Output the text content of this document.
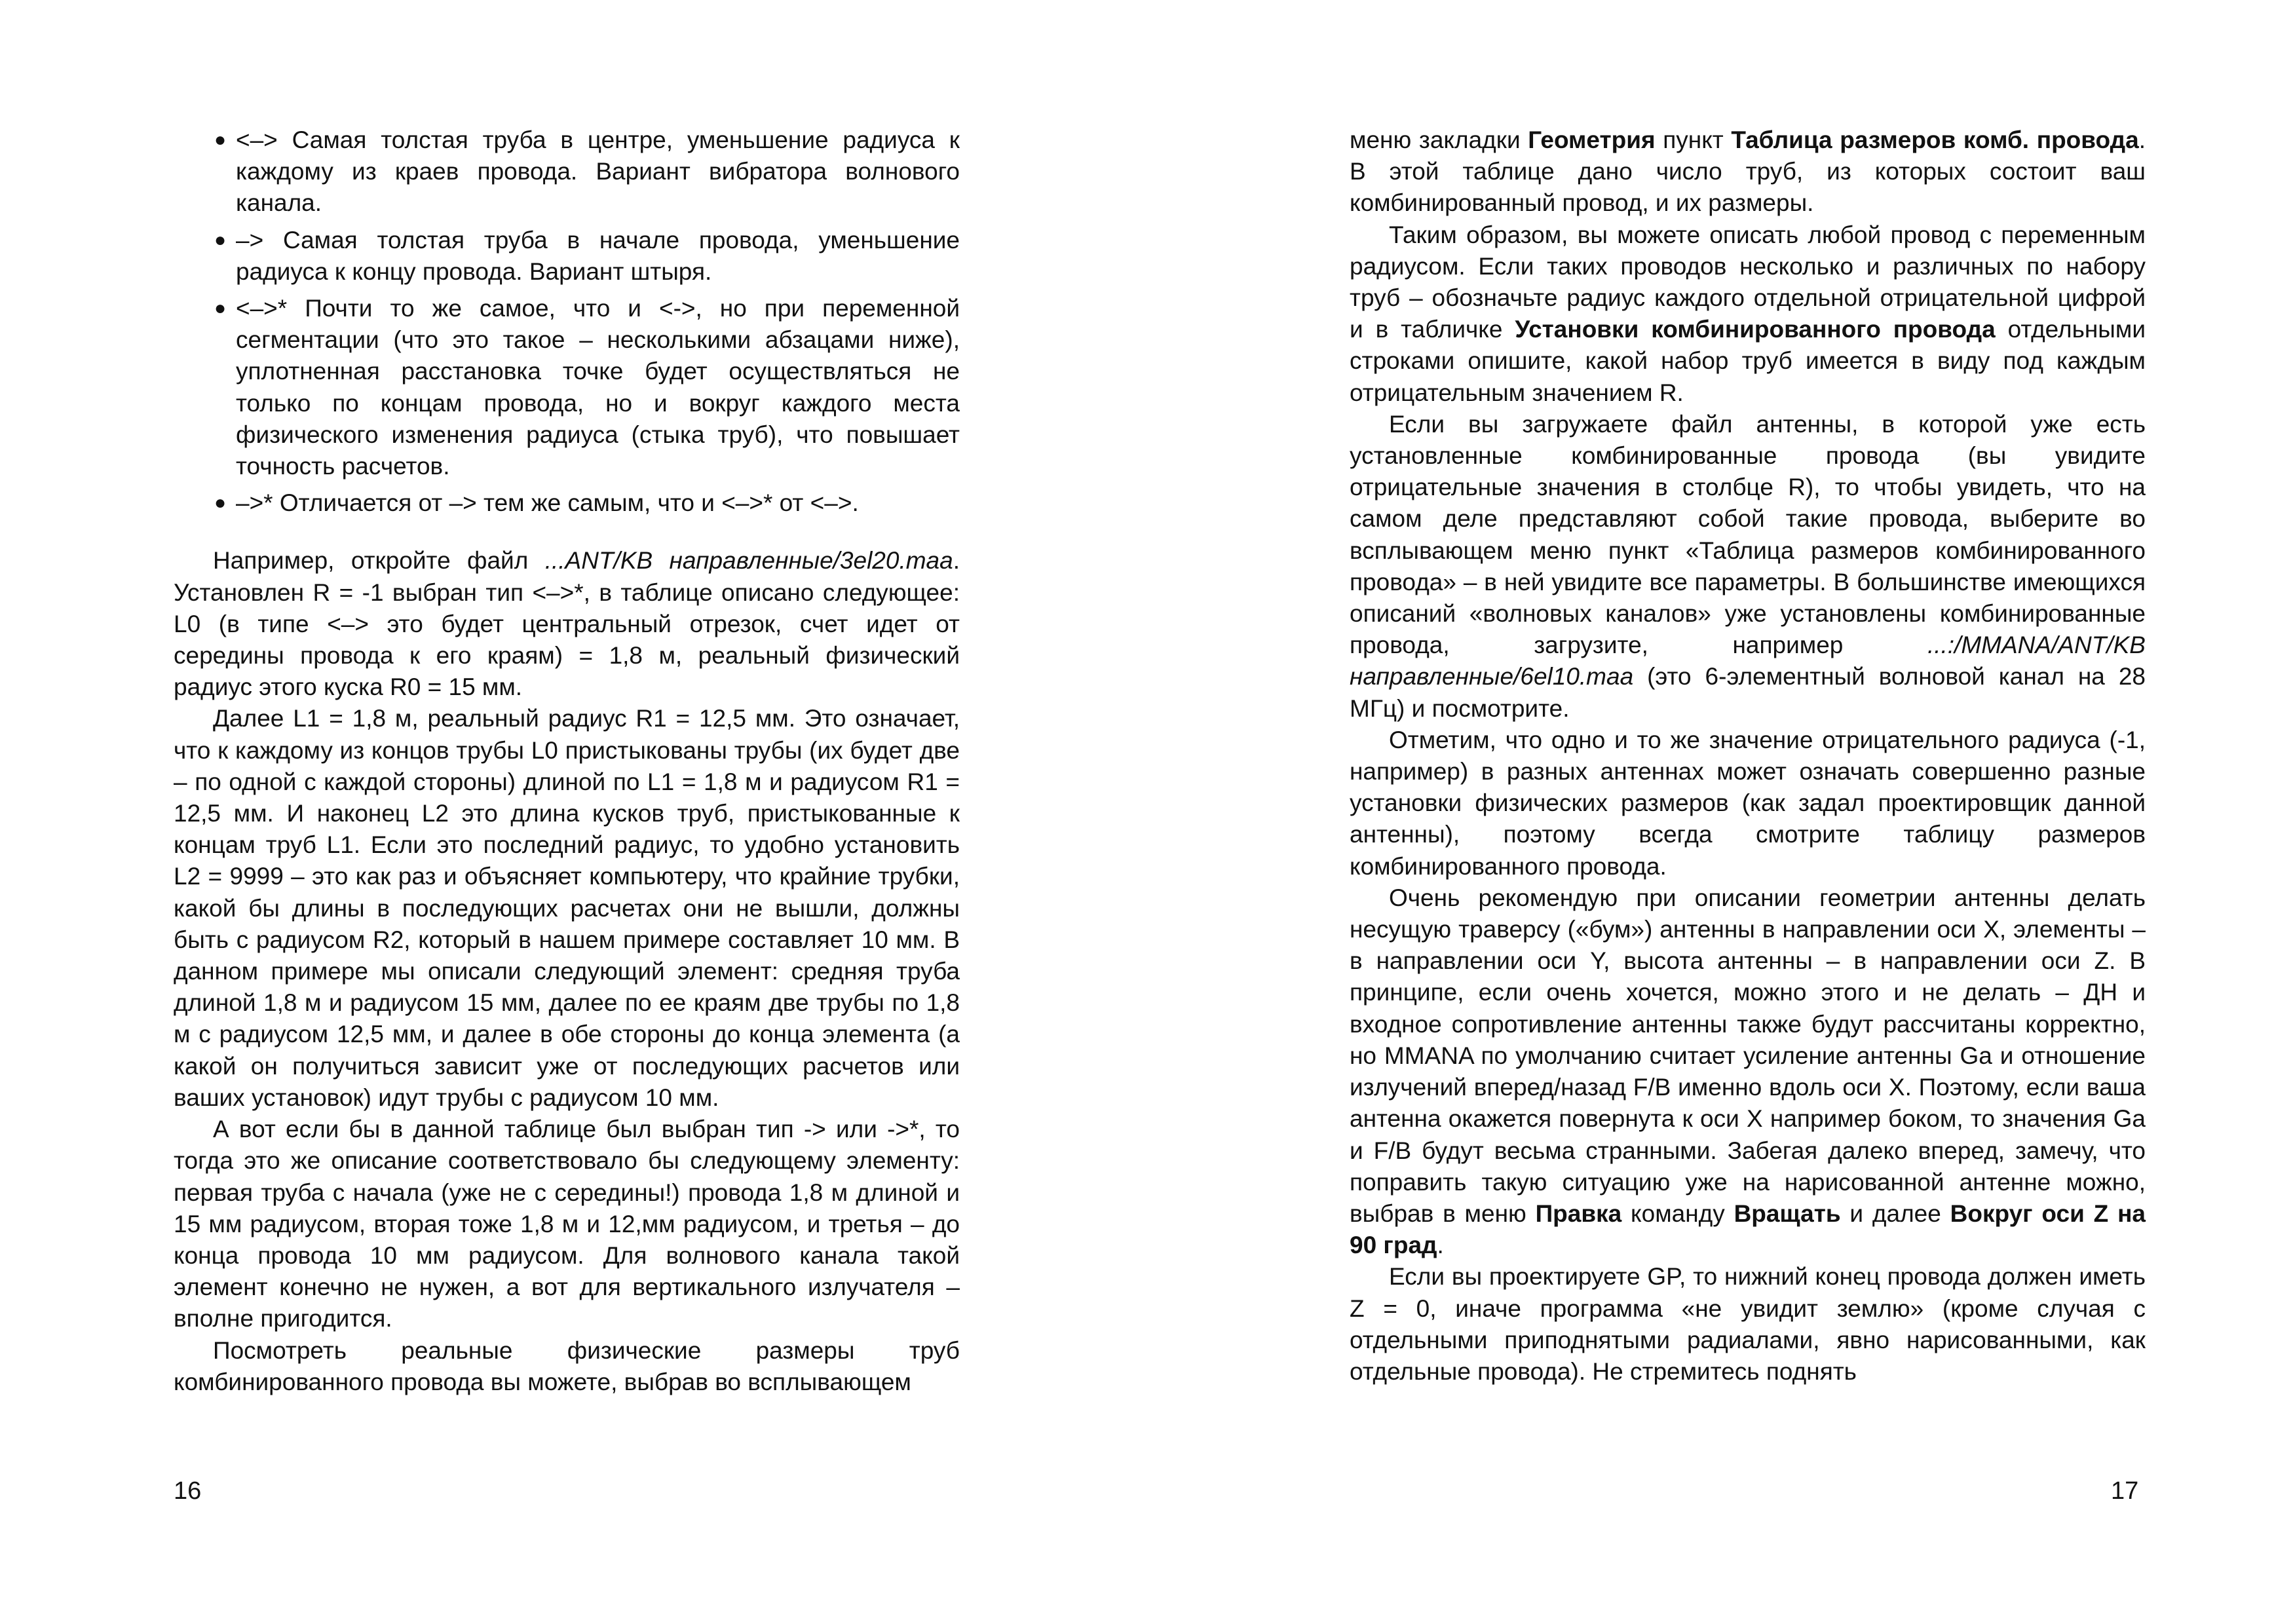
● <–> Самая толстая труба в центре, уменьшение радиуса к каждому из краев провода. Вариант вибратора волнового канала.
● –> Самая толстая труба в начале провода, уменьшение радиуса к концу провода. Вариант штыря.
● <–>* Почти то же самое, что и <->, но при переменной сегментации (что это такое – несколькими абзацами ниже), уплотненная расстановка точке будет осуществляться не только по концам провода, но и вокруг каждого места физического изменения радиуса (стыка труб), что повышает точность расчетов.
● –>* Отличается от –> тем же самым, что и <–>* от <–>.

Например, откройте файл ...ANT/KB направленные/3el20.maa. Установлен R = -1 выбран тип <–>*, в таблице описано следующее: L0 (в типе <–> это будет центральный отрезок, счет идет от середины провода к его краям) = 1,8 м, реальный физический радиус этого куска R0 = 15 мм.

Далее L1 = 1,8 м, реальный радиус R1 = 12,5 мм. Это означает, что к каждому из концов трубы L0 пристыкованы трубы (их будет две – по одной с каждой стороны) длиной по L1 = 1,8 м и радиусом R1 = 12,5 мм. И наконец L2 это длина кусков труб, пристыкованные к концам труб L1. Если это последний радиус, то удобно установить L2 = 9999 – это как раз и объясняет компьютеру, что крайние трубки, какой бы длины в последующих расчетах они не вышли, должны быть с радиусом R2, который в нашем примере составляет 10 мм. В данном примере мы описали следующий элемент: средняя труба длиной 1,8 м и радиусом 15 мм, далее по ее краям две трубы по 1,8 м с радиусом 12,5 мм, и далее в обе стороны до конца элемента (а какой он получиться зависит уже от последующих расчетов или ваших установок) идут трубы с радиусом 10 мм.

А вот если бы в данной таблице был выбран тип -> или ->*, то тогда это же описание соответствовало бы следующему элементу: первая труба с начала (уже не с середины!) провода 1,8 м длиной и 15 мм радиусом, вторая тоже 1,8 м и 12,мм радиусом, и третья – до конца провода 10 мм радиусом. Для волнового канала такой элемент конечно не нужен, а вот для вертикального излучателя – вполне пригодится.

Посмотреть реальные физические размеры труб комбинированного провода вы можете, выбрав во всплывающем

16

меню закладки Геометрия пункт Таблица размеров комб. провода. В этой таблице дано число труб, из которых состоит ваш комбинированный провод, и их размеры.

Таким образом, вы можете описать любой провод с переменным радиусом. Если таких проводов несколько и различных по набору труб – обозначьте радиус каждого отдельной отрицательной цифрой и в табличке Установки комбинированного провода отдельными строками опишите, какой набор труб имеется в виду под каждым отрицательным значением R.

Если вы загружаете файл антенны, в которой уже есть установленные комбинированные провода (вы увидите отрицательные значения в столбце R), то чтобы увидеть, что на самом деле представляют собой такие провода, выберите во всплывающем меню пункт «Таблица размеров комбинированного провода» – в ней увидите все параметры. В большинстве имеющихся описаний «волновых каналов» уже установлены комбинированные провода, загрузите, например ...:/MMANA/ANT/KB направленные/6el10.maa (это 6-элементный волновой канал на 28 МГц) и посмотрите.

Отметим, что одно и то же значение отрицательного радиуса (-1, например) в разных антеннах может означать совершенно разные установки физических размеров (как задал проектировщик данной антенны), поэтому всегда смотрите таблицу размеров комбинированного провода.

Очень рекомендую при описании геометрии антенны делать несущую траверсу («бум») антенны в направлении оси X, элементы – в направлении оси Y, высота антенны – в направлении оси Z. В принципе, если очень хочется, можно этого и не делать – ДН и входное сопротивление антенны также будут рассчитаны корректно, но MMANA по умолчанию считает усиление антенны Ga и отношение излучений вперед/назад F/B именно вдоль оси X. Поэтому, если ваша антенна окажется повернута к оси X например боком, то значения Ga и F/B будут весьма странными. Забегая далеко вперед, замечу, что поправить такую ситуацию уже на нарисованной антенне можно, выбрав в меню Правка команду Вращать и далее Вокруг оси Z на 90 град.

Если вы проектируете GP, то нижний конец провода должен иметь Z = 0, иначе программа «не увидит землю» (кроме случая с отдельными приподнятыми радиалами, явно нарисованными, как отдельные провода). Не стремитесь поднять

17
